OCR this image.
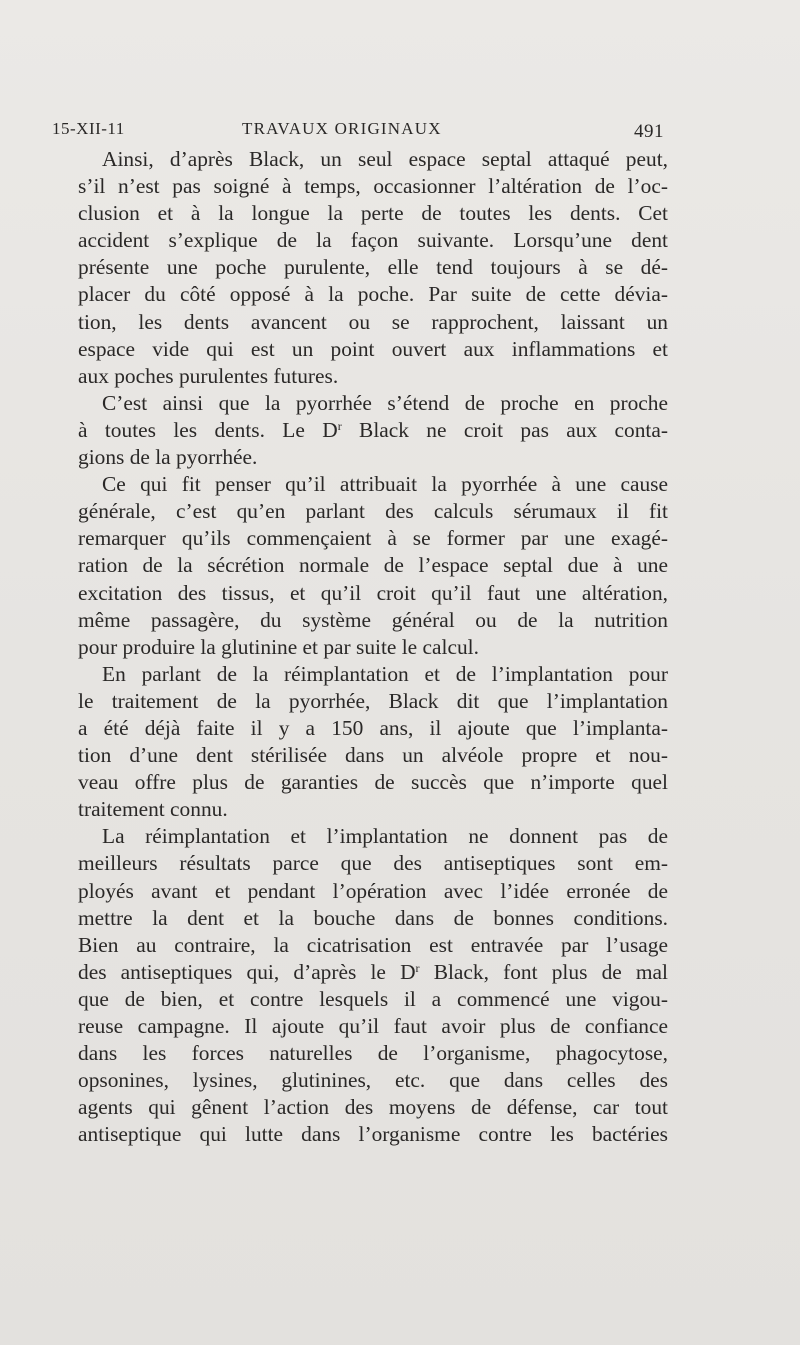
15-XII-11	TRAVAUX ORIGINAUX	491
Ainsi, d’après Black, un seul espace septal attaqué peut,
s’il n’est pas soigné à temps, occasionner l’altération de l’oc-
clusion et à la longue la perte de toutes les dents. Cet
accident s’explique de la façon suivante. Lorsqu’une dent
présente une poche purulente, elle tend toujours à se dé-
placer du côté opposé à la poche. Par suite de cette dévia-
tion, les dents avancent ou se rapprochent, laissant un
espace vide qui est un point ouvert aux inflammations et
aux poches purulentes futures.
C’est ainsi que la pyorrhée s’étend de proche en proche
à toutes les dents. Le $D^r$ Black ne croit pas aux conta-
gions de la pyorrhée.
Ce qui fit penser qu’il attribuait la pyorrhée à une cause
générale, c’est qu’en parlant des calculs sérumaux il fit
remarquer qu’ils commençaient à se former par une exagé-
ration de la sécrétion normale de l’espace septal due à une
excitation des tissus, et qu’il croit qu’il faut une altération,
même passagère, du système général ou de la nutrition
pour produire la glutinine et par suite le calcul.
En parlant de la réimplantation et de l’implantation pour
le traitement de la pyorrhée, Black dit que l’implantation
a été déjà faite il y a 150 ans, il ajoute que l’implanta-
tion d’une dent stérilisée dans un alvéole propre et nou-
veau offre plus de garanties de succès que n’importe quel
traitement connu.
La réimplantation et l’implantation ne donnent pas de
meilleurs résultats parce que des antiseptiques sont em-
ployés avant et pendant l’opération avec l’idée erronée de
mettre la dent et la bouche dans de bonnes conditions.
Bien au contraire, la cicatrisation est entravée par l’usage
des antiseptiques qui, d’après le $D^r$ Black, font plus de mal
que de bien, et contre lesquels il a commencé une vigou-
reuse campagne. Il ajoute qu’il faut avoir plus de confiance
dans les forces naturelles de l’organisme, phagocytose,
opsonines, lysines, glutinines, etc. que dans celles des
agents qui gênent l’action des moyens de défense, car tout
antiseptique qui lutte dans l’organisme contre les bactéries
